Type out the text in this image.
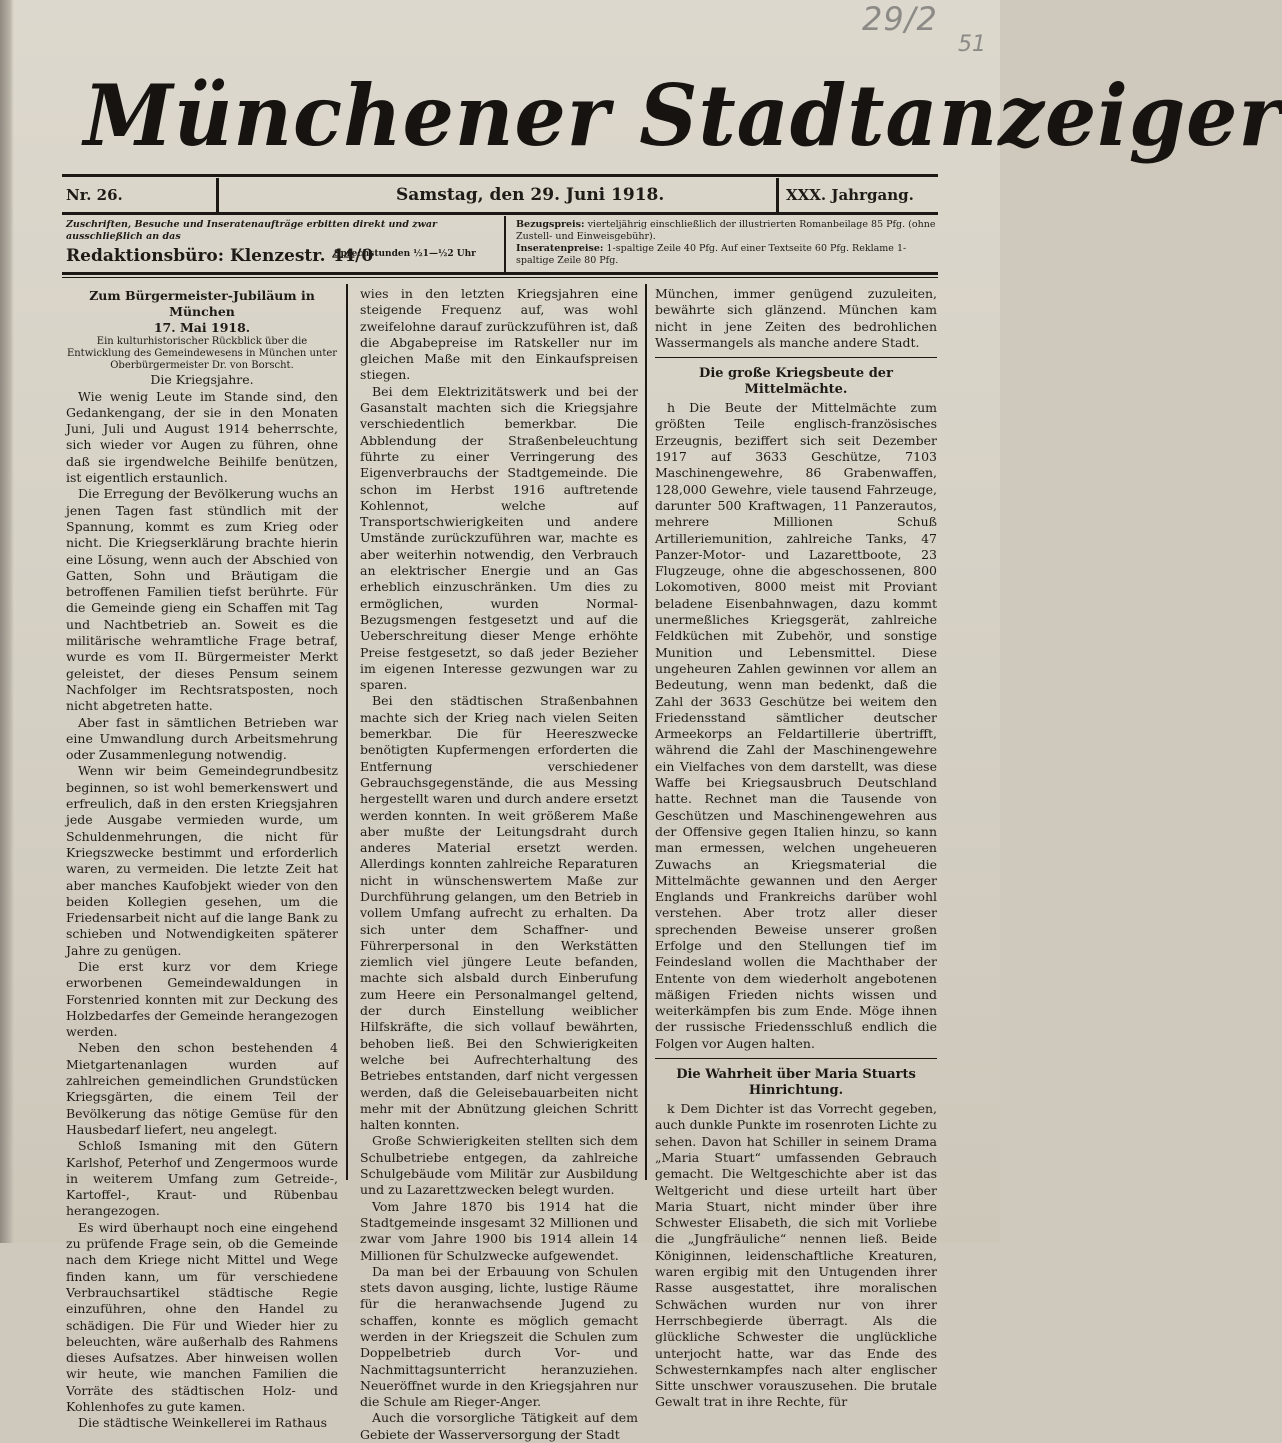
29/2
51
Münchener Stadtanzeiger
Nr. 26.	Samstag, den 29. Juni 1918.	XXX. Jahrgang.
Zuschriften, Besuche und Inseratenaufträge erbitten direkt und zwar ausschließlich an das
Redaktionsbüro: Klenzestr. 44/0
Sprechstunden ½1—½2 Uhr
Bezugspreis: vierteljährig einschließlich der illustrierten Romanbeilage 85 Pfg. (ohne Zustell- und Einweisgebühr).
Inseratenpreise: 1-spaltige Zeile 40 Pfg. Auf einer Textseite 60 Pfg. Reklame 1-spaltige Zeile 80 Pfg.
Zum Bürgermeister-Jubiläum in München

17. Mai 1918.

Ein kulturhistorischer Rückblick über die Entwicklung des Gemeindewesens in München unter Oberbürgermeister Dr. von Borscht.

Die Kriegsjahre.

Wie wenig Leute im Stande sind, den Gedankengang, der sie in den Monaten Juni, Juli und August 1914 beherrschte, sich wieder vor Augen zu führen, ohne daß sie irgendwelche Beihilfe benützen, ist eigentlich erstaunlich.

Die Erregung der Bevölkerung wuchs an jenen Tagen fast stündlich mit der Spannung, kommt es zum Krieg oder nicht. Die Kriegserklärung brachte hierin eine Lösung, wenn auch der Abschied von Gatten, Sohn und Bräutigam die betroffenen Familien tiefst berührte. Für die Gemeinde gieng ein Schaffen mit Tag und Nachtbetrieb an. Soweit es die militärische wehramtliche Frage betraf, wurde es vom II. Bürgermeister Merkt geleistet, der dieses Pensum seinem Nachfolger im Rechtsratsposten, noch nicht abgetreten hatte.

Aber fast in sämtlichen Betrieben war eine Umwandlung durch Arbeitsmehrung oder Zusammenlegung notwendig.

Wenn wir beim Gemeindegrundbesitz beginnen, so ist wohl bemerkenswert und erfreulich, daß in den ersten Kriegsjahren jede Ausgabe vermieden wurde, um Schuldenmehrungen, die nicht für Kriegszwecke bestimmt und erforderlich waren, zu vermeiden. Die letzte Zeit hat aber manches Kaufobjekt wieder von den beiden Kollegien gesehen, um die Friedensarbeit nicht auf die lange Bank zu schieben und Notwendigkeiten späterer Jahre zu genügen.

Die erst kurz vor dem Kriege erworbenen Gemeindewaldungen in Forstenried konnten mit zur Deckung des Holzbedarfes der Gemeinde herangezogen werden.

Neben den schon bestehenden 4 Mietgartenanlagen wurden auf zahlreichen gemeindlichen Grundstücken Kriegsgärten, die einem Teil der Bevölkerung das nötige Gemüse für den Hausbedarf liefert, neu angelegt.

Schloß Ismaning mit den Gütern Karlshof, Peterhof und Zengermoos wurde in weiterem Umfang zum Getreide-, Kartoffel-, Kraut- und Rübenbau herangezogen.

Es wird überhaupt noch eine eingehend zu prüfende Frage sein, ob die Gemeinde nach dem Kriege nicht Mittel und Wege finden kann, um für verschiedene Verbrauchsartikel städtische Regie einzuführen, ohne den Handel zu schädigen. Die Für und Wieder hier zu beleuchten, wäre außerhalb des Rahmens dieses Aufsatzes. Aber hinweisen wollen wir heute, wie manchen Familien die Vorräte des städtischen Holz- und Kohlenhofes zu gute kamen.

Die städtische Weinkellerei im Rathaus

wies in den letzten Kriegsjahren eine steigende Frequenz auf, was wohl zweifelohne darauf zurückzuführen ist, daß die Abgabepreise im Ratskeller nur im gleichen Maße mit den Einkaufspreisen stiegen.

Bei dem Elektrizitätswerk und bei der Gasanstalt machten sich die Kriegsjahre verschiedentlich bemerkbar. Die Abblendung der Straßenbeleuchtung führte zu einer Verringerung des Eigenverbrauchs der Stadtgemeinde. Die schon im Herbst 1916 auftretende Kohlennot, welche auf Transportschwierigkeiten und andere Umstände zurückzuführen war, machte es aber weiterhin notwendig, den Verbrauch an elektrischer Energie und an Gas erheblich einzuschränken. Um dies zu ermöglichen, wurden Normal-Bezugsmengen festgesetzt und auf die Ueberschreitung dieser Menge erhöhte Preise festgesetzt, so daß jeder Bezieher im eigenen Interesse gezwungen war zu sparen.

Bei den städtischen Straßenbahnen machte sich der Krieg nach vielen Seiten bemerkbar. Die für Heereszwecke benötigten Kupfermengen erforderten die Entfernung verschiedener Gebrauchsgegenstände, die aus Messing hergestellt waren und durch andere ersetzt werden konnten. In weit größerem Maße aber mußte der Leitungsdraht durch anderes Material ersetzt werden. Allerdings konnten zahlreiche Reparaturen nicht in wünschenswertem Maße zur Durchführung gelangen, um den Betrieb in vollem Umfang aufrecht zu erhalten. Da sich unter dem Schaffner- und Führerpersonal in den Werkstätten ziemlich viel jüngere Leute befanden, machte sich alsbald durch Einberufung zum Heere ein Personalmangel geltend, der durch Einstellung weiblicher Hilfskräfte, die sich vollauf bewährten, behoben ließ. Bei den Schwierigkeiten welche bei Aufrechterhaltung des Betriebes entstanden, darf nicht vergessen werden, daß die Geleisebauarbeiten nicht mehr mit der Abnützung gleichen Schritt halten konnten.

Große Schwierigkeiten stellten sich dem Schulbetriebe entgegen, da zahlreiche Schulgebäude vom Militär zur Ausbildung und zu Lazarettzwecken belegt wurden.

Vom Jahre 1870 bis 1914 hat die Stadtgemeinde insgesamt 32 Millionen und zwar vom Jahre 1900 bis 1914 allein 14 Millionen für Schulzwecke aufgewendet.

Da man bei der Erbauung von Schulen stets davon ausging, lichte, lustige Räume für die heranwachsende Jugend zu schaffen, konnte es möglich gemacht werden in der Kriegszeit die Schulen zum Doppelbetrieb durch Vor- und Nachmittagsunterricht heranzuziehen. Neueröffnet wurde in den Kriegsjahren nur die Schule am Rieger-Anger.

Auch die vorsorgliche Tätigkeit auf dem Gebiete der Wasserversorgung der Stadt

München, immer genügend zuzuleiten, bewährte sich glänzend. München kam nicht in jene Zeiten des bedrohlichen Wassermangels als manche andere Stadt.

Die große Kriegsbeute der Mittelmächte.

h Die Beute der Mittelmächte zum größten Teile englisch-französisches Erzeugnis, beziffert sich seit Dezember 1917 auf 3633 Geschütze, 7103 Maschinengewehre, 86 Grabenwaffen, 128,000 Gewehre, viele tausend Fahrzeuge, darunter 500 Kraftwagen, 11 Panzerautos, mehrere Millionen Schuß Artilleriemunition, zahlreiche Tanks, 47 Panzer-Motor- und Lazarettboote, 23 Flugzeuge, ohne die abgeschossenen, 800 Lokomotiven, 8000 meist mit Proviant beladene Eisenbahnwagen, dazu kommt unermeßliches Kriegsgerät, zahlreiche Feldküchen mit Zubehör, und sonstige Munition und Lebensmittel. Diese ungeheuren Zahlen gewinnen vor allem an Bedeutung, wenn man bedenkt, daß die Zahl der 3633 Geschütze bei weitem den Friedensstand sämtlicher deutscher Armeekorps an Feldartillerie übertrifft, während die Zahl der Maschinengewehre ein Vielfaches von dem darstellt, was diese Waffe bei Kriegsausbruch Deutschland hatte. Rechnet man die Tausende von Geschützen und Maschinengewehren aus der Offensive gegen Italien hinzu, so kann man ermessen, welchen ungeheueren Zuwachs an Kriegsmaterial die Mittelmächte gewannen und den Aerger Englands und Frankreichs darüber wohl verstehen. Aber trotz aller dieser sprechenden Beweise unserer großen Erfolge und den Stellungen tief im Feindesland wollen die Machthaber der Entente von dem wiederholt angebotenen mäßigen Frieden nichts wissen und weiterkämpfen bis zum Ende. Möge ihnen der russische Friedensschluß endlich die Folgen vor Augen halten.

Die Wahrheit über Maria Stuarts Hinrichtung.

k Dem Dichter ist das Vorrecht gegeben, auch dunkle Punkte im rosenroten Lichte zu sehen. Davon hat Schiller in seinem Drama „Maria Stuart“ umfassenden Gebrauch gemacht. Die Weltgeschichte aber ist das Weltgericht und diese urteilt hart über Maria Stuart, nicht minder über ihre Schwester Elisabeth, die sich mit Vorliebe die „Jungfräuliche“ nennen ließ. Beide Königinnen, leidenschaftliche Kreaturen, waren ergibig mit den Untugenden ihrer Rasse ausgestattet, ihre moralischen Schwächen wurden nur von ihrer Herrschbegierde überragt. Als die glückliche Schwester die unglückliche unterjocht hatte, war das Ende des Schwesternkampfes nach alter englischer Sitte unschwer vorauszusehen. Die brutale Gewalt trat in ihre Rechte, für
